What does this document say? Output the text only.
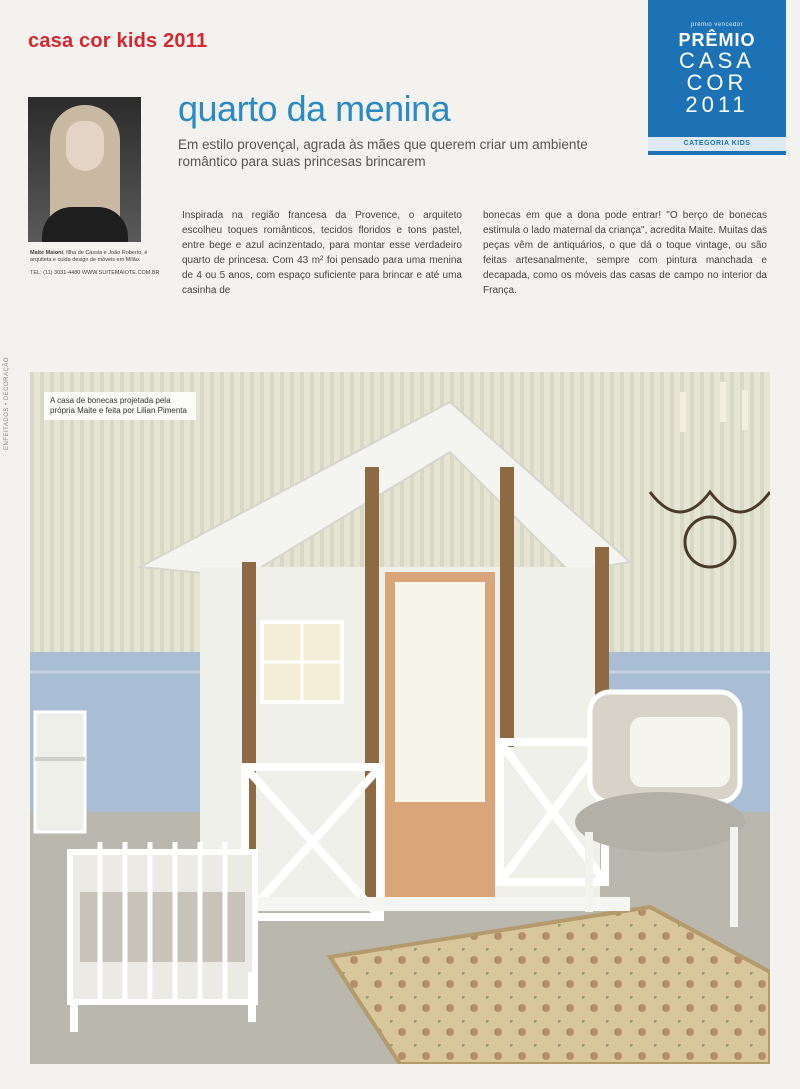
casa cor kids 2011
prêmio vencedor
PRÊMIO
CASA
COR
2011
CATEGORIA KIDS
Maite Maioni, filha de Cássia e João Roberto, é arquiteta e cuida design de móveis em Milão.
TEL: (11) 3031-4480 WWW.SUITEMAIOTE.COM.BR
quarto da menina
Em estilo provençal, agrada às mães que querem criar um ambiente romântico para suas princesas brincarem
Inspirada na região francesa da Provence, o arquiteto escolheu toques românticos, tecidos floridos e tons pastel, entre bege e azul acinzentado, para montar esse verdadeiro quarto de princesa. Com 43 m² foi pensado para uma menina de 4 ou 5 anos, com espaço suficiente para brincar e até uma casinha de
bonecas em que a dona pode entrar! "O berço de bonecas estimula o lado maternal da criança", acredita Maite. Muitas das peças vêm de antiquários, o que dá o toque vintage, ou são feitas artesanalmente, sempre com pintura manchada e decapada, como os móveis das casas de campo no interior da França.
ENFEITADOS • DECORAÇÃO	A casa de bonecas projetada pela própria Maite e feita por Lilian Pimenta
